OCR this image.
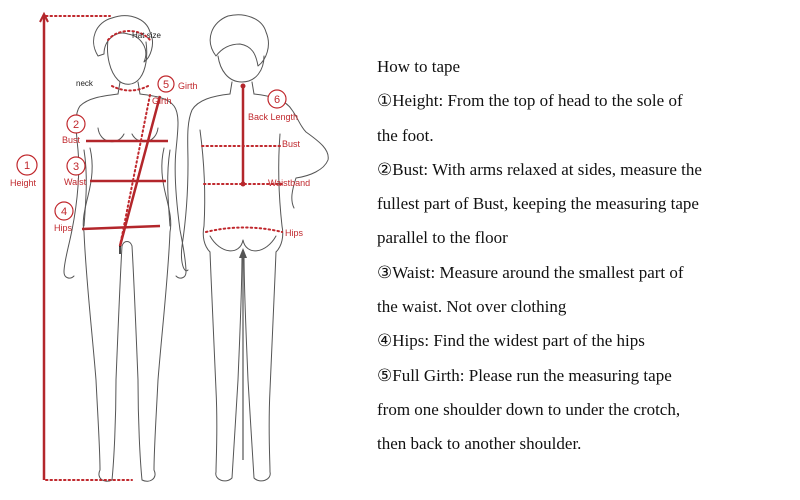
Hat size
neck	5 Girth
Girth
2
Bust
3
Waist
4
Hips
1
Height
6
Back Length
Bust
Waistband
Hips
How to tape
①Height: From the top of head to the sole of
the foot.
②Bust: With arms relaxed at sides, measure the
fullest part of Bust, keeping the measuring tape
parallel to the floor
③Waist: Measure around the smallest part of
the waist. Not over clothing
④Hips: Find the widest part of the hips
⑤Full Girth: Please run the measuring tape
from one shoulder down to under the crotch,
then back to another shoulder.
